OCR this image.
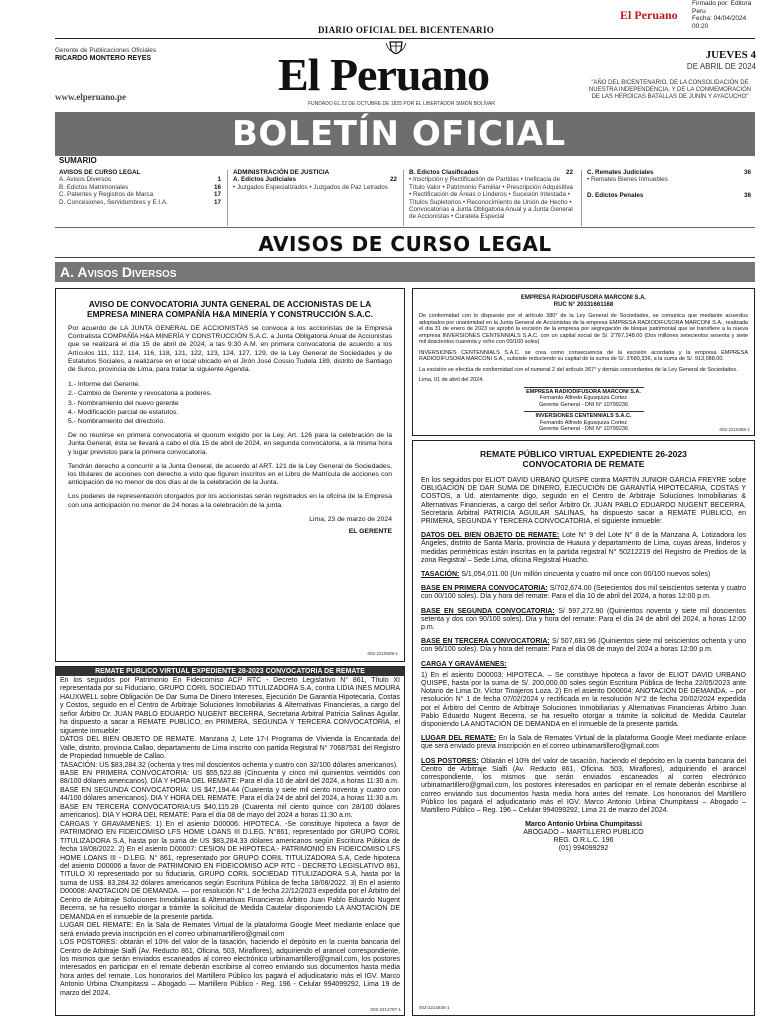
El Peruano
Firmado por: Editora
Peru
Fecha: 04/04/2024 00:20
DIARIO OFICIAL DEL BICENTENARIO
Gerente de Publicaciones Oficiales
RICARDO MONTERO REYES	El Peruano
FUNDADO EL 22 DE OCTUBRE DE 1825 POR EL LIBERTADOR SIMÓN BOLÍVAR
www.elperuano.pe
JUEVES 4
DE ABRIL DE 2024
"AÑO DEL BICENTENARIO, DE LA CONSOLIDACIÓN DE NUESTRA INDEPENDENCIA, Y DE LA CONMEMORACIÓN DE LAS HEROICAS BATALLAS DE JUNÍN Y AYACUCHO"
BOLETÍN OFICIAL
SUMARIO
AVISOS DE CURSO LEGAL
A. Avisos Diversos	1
B. Edictos Matrimoniales	16
C. Patentes y Registros de Marca	17
D. Concesiones, Servidumbres y E.I.A.	17
ADMINISTRACIÓN DE JUSTICIA
A. Edictos Judiciales	22
• Juzgados Especializados • Juzgados de Paz Letrados
B. Edictos Clasificados	22
• Inscripción y Rectificación de Partidas • Ineficacia de Título Valor • Patrimonio Familiar • Prescripción Adquisitiva • Rectificación de Áreas o Linderos • Sucesión Intestada • Títulos Supletorios • Reconocimiento de Unión de Hecho • Convocatorias a Junta Obligatoria Anual y a Junta General de Accionistas • Curatela Especial
C. Remates Judiciales	36
• Remates Bienes Inmuebles
D. Edictos Penales	36
AVISOS DE CURSO LEGAL
A. Avisos Diversos
AVISO DE CONVOCATORIA JUNTA GENERAL DE ACCIONISTAS DE LA EMPRESA MINERA COMPAÑÍA H&A MINERÍA Y CONSTRUCCIÓN S.A.C.

Por acuerdo de LA JUNTA GENERAL DE ACCIONISTAS se convoca a los accionistas de la Empresa Contratista COMPAÑÍA H&A MINERÍA Y CONSTRUCCIÓN S.A.C. a Junta Obligatoria Anual de Accionistas que se realizará el día 15 de abril de 2024, a las 9:30 A.M. en primera convocatoria de acuerdo a los Artículos 111, 112, 114, 116, 118, 121, 122, 123, 124, 127, 129, de la Ley General de Sociedades y de Estatutos Sociales, a realizarse en el local ubicado en el Jirón José Cossio Tudela 189, distrito de Santiago de Surco, provincia de Lima, para tratar la siguiente Agenda.

1.- Informe del Gerente.
2.- Cambio de Gerente y revocatoria a poderes.
3.- Nombramiento del nuevo gerente
4.- Modificación parcial de estatutos.
5.- Nombramiento del directorio.

De no reunirse en primera convocatoria el quorum exigido por la Ley, Art. 126 para la celebración de la Junta General, ésta se llevará a cabo el día 15 de abril de 2024, en segunda convocatoria, a la misma hora y lugar previstos para la primera convocatoria.

Tendrán derecho a concurrir a la Junta General, de acuerdo al ART. 121 de la Ley General de Sociedades, los titulares de acciones con derecho a voto que figuren inscritos en el Libro de Matrícula de acciones con anticipación de no menor de dos días al de la celebración de la Junta.

Los poderes de representación otorgados por los accionistas serán registrados en la oficina de la Empresa con una anticipación no menor de 24 horas a la celebración de la junta.

Lima, 23 de marzo de 2024
EL GERENTE
002-2215509-1
REMATE PUBLICO VIRTUAL EXPEDIENTE 28-2023 CONVOCATORIA DE REMATE
En los seguidos por Patrimonio En Fideicomiso ACP RTC - Decreto Legislativo N° 861, Título XI representada por su Fiduciario, GRUPO CORIL SOCIEDAD TITULIZADORA S.A, contra LIDIA INES MOURA HAUXWELL sobre Obligación De Dar Suma De Dinero Intereses, Ejecución De Garantía Hipotecaria, Costas y Costos, seguido en el Centro de Arbitraje Soluciones Inmobiliarias & Alternativas Financieras, a cargo del señor Árbitro Dr. JUAN PABLO EDUARDO NUGENT BECERRA, Secretaria Arbitral Patricia Salinas Aguilar, ha dispuesto a sacar a REMATE PUBLICO, en PRIMERA, SEGUNDA Y TERCERA CONVOCATORIA, el siguiente inmueble:
DATOS DEL BIEN OBJETO DE REMATE. Manzana J, Lote 17-I Programa de Vivienda la Encantada del Valle, distrito, provincia Callao, departamento de Lima inscrito con partida Registral N° 70687531 del Registro de Propiedad Inmueble de Callao.
TASACIÓN: US $83,284.32 (ochenta y tres mil doscientos ochenta y cuatro con 32/100 dólares americanos).
BASE EN PRIMERA CONVOCATORIA: US $55,522.88 (Cincuenta y cinco mil quinientos veintidós con 88/100 dólares americanos). DÍA Y HORA DEL REMATE: Para el día 10 de abril del 2024, a horas 11:30 a.m.
BASE EN SEGUNDA CONVOCATORIA: US $47,194.44 (Cuarenta y siete mil ciento noventa y cuatro con 44/100 dólares americanos). DIA Y HORA DEL REMATE: Para el día 24 de abril del 2024, a horas 11:30 a.m.
BASE EN TERCERA CONVOCATORIA:US $40,115.28 (Cuarenta mil ciento quince con 28/100 dólares americanos). DIA Y HORA DEL REMATE: Para el día 08 de mayo del 2024 a horas 11:30 a.m.
CARGAS Y GRAVAMENES: 1) En el asiento D00006: HIPOTECA. -Se constituye hipoteca a favor de PATRIMONIO EN FIDEICOMISO LFS HOME LOANS III D.LEG. N°861, representado por GRUPO CORIL TITULIZADORA S.A, hasta por la suma de US $83,284.33 dólares americanos según Escritura Pública de fecha 18/08/2022. 2) En el asiento D00007: CESION DE HIPOTECA.- PATRIMONIO EN FIDEICOMISO LFS HOME LOANS III - D.LEG. N° 861, representado por GRUPO CORIL TITULIZADORA S.A, Cede hipoteca del asiento D00006 a favor de PATRIMONIO EN FIDEICOMISO ACP RTC - DECRETO LEGISLATIVO 861, TITULO XI representado por su fiduciaria, GRUPO CORIL SOCIEDAD TITULIZADORA S.A, hasta por la suma de US$. 83,284.32 dólares americanos según Escritura Pública de fecha 18/08/2022. 3) En el asiento D00008: ANOTACION DE DEMANDA. — por resolución N° 1 de fecha 22/12/2023 expedida por el Árbitro del Centro de Arbitraje Soluciones Inmobiliarias & Alternativas Financieras Árbitro Juan Pablo Eduardo Nugent Becerra, se ha resuelto otorgar a trámite la solicitud de Medida Cautelar disponiendo LA ANOTACION DE DEMANDA en el inmueble de la presente partida.
LUGAR DEL REMATE: En la Sala de Remates Virtual de la plataforma Google Meet mediante enlace que será enviado previa inscripción en el correo urbinamartillero@gmail.com
LOS POSTORES: obtarán el 10% del valor de la tasación, haciendo el depósito en la cuenta bancaria del Centro de Arbitraje Sialfi (Av. Reducto 861, Oficina, 503, Miraflores), adquiriendo el arancel correspondiente, los mismos que serán enviados escaneados al correo electrónico urbinamartillero@gmail.com, los postores interesados en participar en el remate deberán escribirse al correo enviando sus documentos hasta media hora antes del remate. Los honorarios del Martillero Público los pagará el adjudicatario más el IGV. Marco Antonio Urbina Chumpitassi – Abogado — Martillero Público - Reg. 196 - Celular 994099292, Lima 19 de marzo del 2024.
002-2214797-1
EMPRESA RADIODIFUSORA MARCONI S.A.
RUC N° 20331661168

De conformidad con lo dispuesto por el artículo 380° de la Ley General de Sociedades, se comunica que mediante acuerdos adoptados por unanimidad en la Junta General de Accionistas de la empresa EMPRESA RADIODIFUSORA MARCONI S.A., realizada el día 31 de enero de 2023 se aprobó la escisión de la empresa por segregación de bloque patrimonial que se transfiere a la nueva empresa INVERSIONES CENTENNIALS S.A.C. con un capital social de S/. 2'767,248.00 (Dos millones setecientos sesenta y siete mil doscientos cuarenta y ocho con 00/100 soles)

INVERSIONES CENTENNIALS S.A.C. se crea como consecuencia de la escisión acordada y la empresa EMPRESA RADIODIFUSORA MARCONI S.A., subsiste reduciendo su capital de la suma de S/. 3'680,336, a la suma de S/. 913,088.00.

La escisión se efectúa de conformidad con el numeral 2 del artículo 367° y demás concordantes de la Ley General de Sociedades.

Lima, 01 de abril del 2024.
EMPRESA RADIODIFUSORA MARCONI S.A.
Fernando Alfredo Egusquiza Cortez
Gerente General - DNI N° 10799236
INVERSIONES CENTENNIALS S.A.C.
Fernando Alfredo Egusquiza Cortez
Gerente General - DNI N° 10799236	002-2215386-1
REMATE PÚBLICO VIRTUAL EXPEDIENTE 26-2023
CONVOCATORIA DE REMATE

En los seguidos por ELIOT DAVID URBANO QUISPE contra MARTIN JUNIOR GARCIA FREYRE sobre OBLIGACIÓN DE DAR SUMA DE DINERO, EJECUCIÓN DE GARANTÍA HIPOTECARIA, COSTAS Y COSTOS, a Ud. atentamente digo, seguido en el Centro de Arbitraje Soluciones Inmobiliarias & Alternativas Financieras, a cargo del señor Árbitro Dr. JUAN PABLO EDUARDO NUGENT BECERRA, Secretaria Arbitral PATRICIA AGUILAR SALINAS, ha dispuesto sacar a REMATE PÚBLICO, en PRIMERA, SEGUNDA Y TERCERA CONVOCATORIA, el siguiente inmueble:

DATOS DEL BIEN OBJETO DE REMATE: Lote N° 9 del Lote N° 8 de la Manzana A, Lotizadora los Ángeles, distrito de Santa María, provincia de Huaura y departamento de Lima, cuyas áreas, linderos y medidas perimétricas están inscritas en la partida registral N° 50212219 del Registro de Predios de la zona Registral – Sede Lima, oficina Registral Huacho.

TASACIÓN: S/1,054,011.00 (Un millón cincuenta y cuatro mil once con 00/100 nuevos soles)

BASE EN PRIMERA CONVOCATORIA: S/702,674.00 (Setecientos dos mil seiscientos setenta y cuatro con 00/100 soles). Día y hora del remate: Para el día 10 de abril del 2024, a horas 12:00 p.m.

BASE EN SEGUNDA CONVOCATORIA: S/ 597,272.90 (Quinientos noventa y siete mil doscientos setenta y dos con 90/100 soles). Día y hora del remate: Para el día 24 de abril del 2024, a horas 12:00 p.m.

BASE EN TERCERA CONVOCATORIA: S/ 507,681.96 (Quinientos siete mil seiscientos ochenta y uno con 96/100 soles). Día y hora del remate: Para el día 08 de mayo del 2024 a horas 12:00 p.m.

CARGA Y GRAVÁMENES:

1) En el asiento D00003: HIPOTECA. – Se constituye hipoteca a favor de ELIOT DAVID URBANO QUISPE, hasta por la suma de S/. 200,000.00 soles según Escritura Pública de fecha 22/05/2023 ante Notario de Lima Dr. Víctor Tinajeros Loza. 2) En el asiento D00004: ANOTACIÓN DE DEMANDA. – por resolución N° 1 de fecha 07/02/2024 y rectificada en la resolución N°2 de fecha 20/02/2024 expedida por el Árbitro del Centro de Arbitraje Soluciones Inmobiliarias y Alternativas Financieras Árbitro Juan Pablo Eduardo Nugent Becerra, se ha resuelto otorgar a trámite la solicitud de Medida Cautelar disponiendo LA ANOTACIÓN DE DEMANDA en el inmueble de la presente partida.

LUGAR DEL REMATE: En la Sala de Remates Virtual de la plataforma Google Meet mediante enlace que será enviado previa inscripción en el correo urbinamartillero@gmail.com

LOS POSTORES: Oblarán el 10% del valor de tasación, haciendo el depósito en la cuenta bancaria del Centro de Arbitraje Sialfi (Av. Reducto 861, Oficina. 503, Miraflores), adquiriendo el arancel correspondiente, los mismos que serán enviados escaneados al correo electrónico urbinamartillero@gmail.com, los postores interesados en participar en el remate deberán escribirse al correo enviando sus documentos hasta media hora antes del remate. Los honorarios del Martillero Público los pagará el adjudicatario más el IGV. Marco Antonio Urbina Chumpitassi – Abogado – Martillero Público – Reg. 196 – Celular 994099292, Lima 21 de marzo del 2024.

Marco Antonio Urbina Chumpitassi
ABOGADO – MARTILLERO PÚBLICO
REG. O.R.L.C. 196
(01) 994099292
002-2214845-1
